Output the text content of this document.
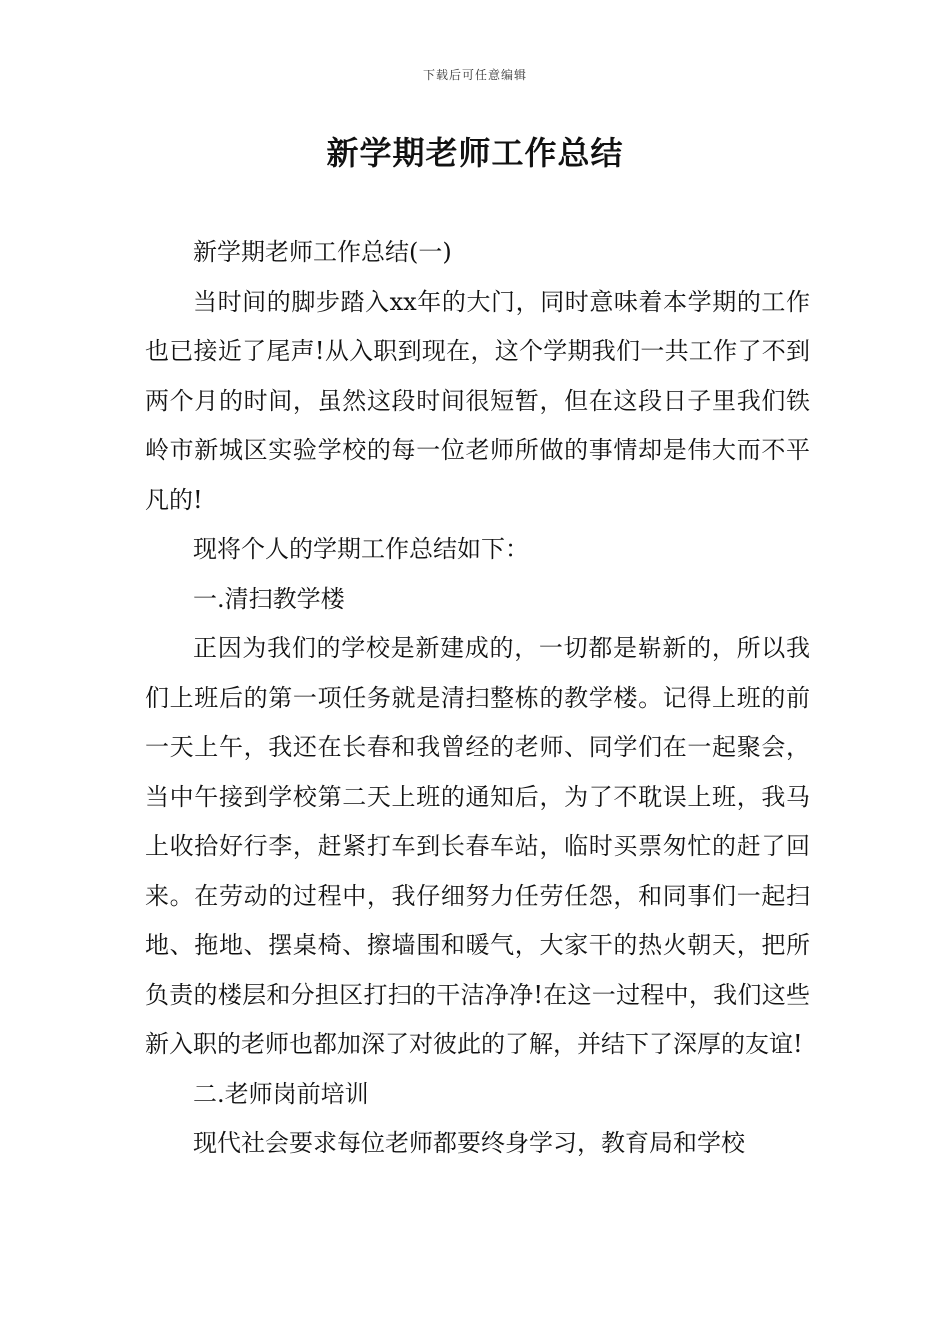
下载后可任意编辑
新学期老师工作总结

新学期老师工作总结(一)

当时间的脚步踏入xx年的大门，同时意味着本学期的工作也已接近了尾声!从入职到现在，这个学期我们一共工作了不到两个月的时间，虽然这段时间很短暂，但在这段日子里我们铁岭市新城区实验学校的每一位老师所做的事情却是伟大而不平凡的!

现将个人的学期工作总结如下：

一.清扫教学楼

正因为我们的学校是新建成的，一切都是崭新的，所以我们上班后的第一项任务就是清扫整栋的教学楼。记得上班的前一天上午，我还在长春和我曾经的老师、同学们在一起聚会，当中午接到学校第二天上班的通知后，为了不耽误上班，我马上收拾好行李，赶紧打车到长春车站，临时买票匆忙的赶了回来。在劳动的过程中，我仔细努力任劳任怨，和同事们一起扫地、拖地、摆桌椅、擦墙围和暖气，大家干的热火朝天，把所负责的楼层和分担区打扫的干洁净净!在这一过程中，我们这些新入职的老师也都加深了对彼此的了解，并结下了深厚的友谊!

二.老师岗前培训

现代社会要求每位老师都要终身学习，教育局和学校
